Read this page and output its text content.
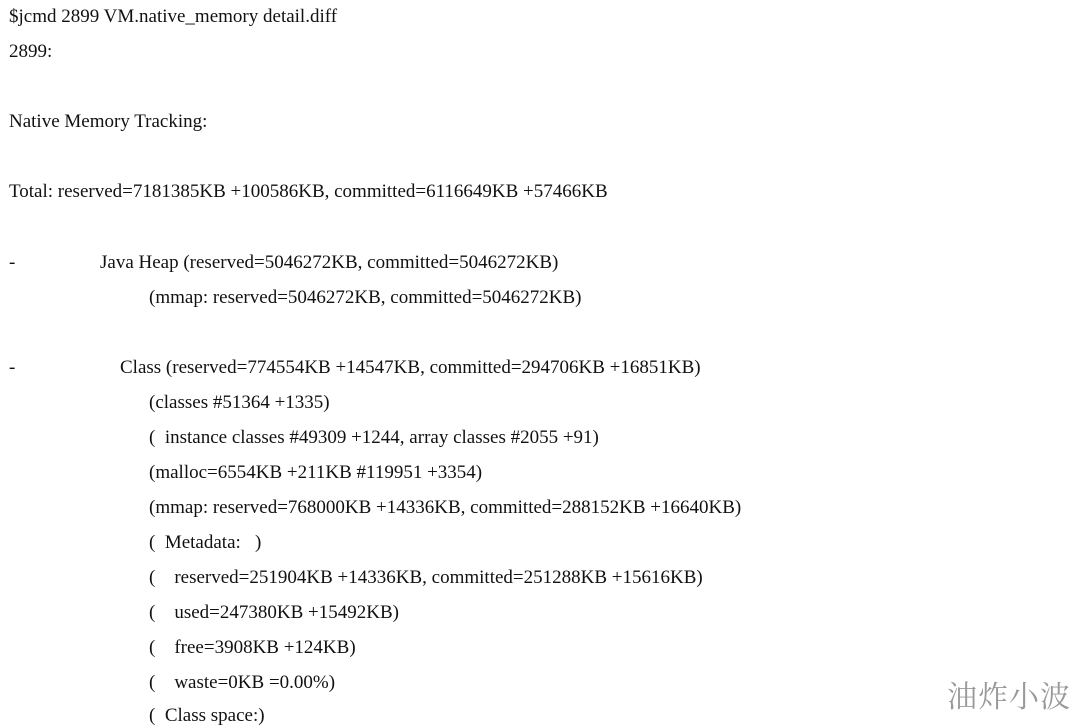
$jcmd 2899 VM.native_memory detail.diff
2899:
Native Memory Tracking:
Total: reserved=7181385KB +100586KB, committed=6116649KB +57466KB
-	Java Heap (reserved=5046272KB, committed=5046272KB)
(mmap: reserved=5046272KB, committed=5046272KB)
-	Class (reserved=774554KB +14547KB, committed=294706KB +16851KB)
(classes #51364 +1335)
(  instance classes #49309 +1244, array classes #2055 +91)
(malloc=6554KB +211KB #119951 +3354)
(mmap: reserved=768000KB +14336KB, committed=288152KB +16640KB)
(  Metadata:   )
(    reserved=251904KB +14336KB, committed=251288KB +15616KB)
(    used=247380KB +15492KB)
(    free=3908KB +124KB)
(    waste=0KB =0.00%)
(  Class space:)
油炸小波
